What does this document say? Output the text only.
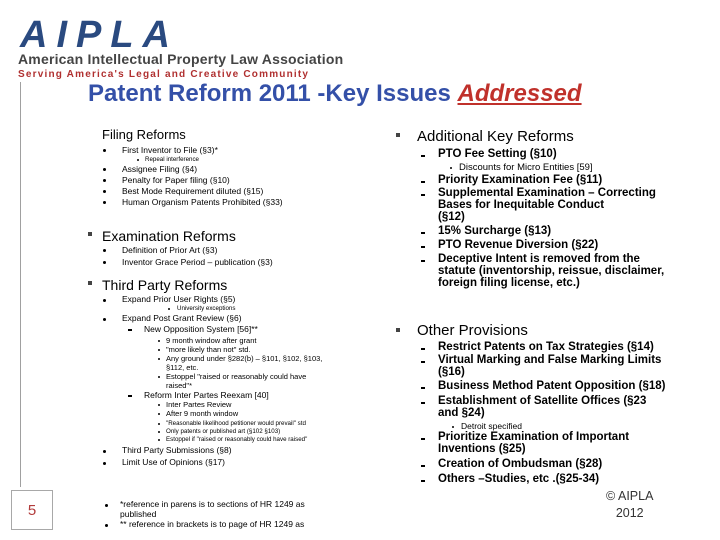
AIPLA
American Intellectual Property Law Association
Serving America's Legal and Creative Community
Patent Reform 2011 -Key Issues Addressed
Filing Reforms
First Inventor to File (§3)*
Repeal interference
Assignee Filing (§4)
Penalty for Paper filing (§10)
Best Mode Requirement diluted (§15)
Human Organism Patents Prohibited (§33)
Examination Reforms
Definition of Prior Art (§3)
Inventor Grace Period – publication (§3)
Third Party Reforms
Expand Prior User Rights (§5)
University exceptions
Expand Post Grant Review (§6)
New Opposition System [56]**
9 month window after grant
"more likely than not" std.
Any ground under §282(b) – §101, §102, §103,
§112, etc.
Estoppel "raised or reasonably could have
raised"*
Reform Inter Partes Reexam [40]
Inter Partes Review
After 9 month window
"Reasonable likelihood petitioner would prevail" std
Only patents or published art (§102 §103)
Estoppel if "raised or reasonably could have raised"
Third Party Submissions (§8)
Limit Use of Opinions (§17)
*reference in parens is to sections of HR 1249 as
published
** reference in brackets is to page of HR 1249 as
Additional Key Reforms
PTO Fee Setting (§10)
Discounts for Micro Entities [59]
Priority Examination Fee (§11)
Supplemental Examination – Correcting
Bases for Inequitable Conduct
(§12)
15% Surcharge (§13)
PTO Revenue Diversion (§22)
Deceptive Intent is removed from the
statute (inventorship, reissue, disclaimer,
foreign filing license, etc.)
Other Provisions
Restrict Patents on Tax Strategies (§14)
Virtual Marking and False Marking Limits
(§16)
Business Method Patent Opposition (§18)
Establishment of Satellite Offices (§23
and §24)
Detroit specified
Prioritize Examination of Important
Inventions (§25)
Creation of Ombudsman (§28)
Others –Studies, etc .(§25-34)
© AIPLA
2012
5
